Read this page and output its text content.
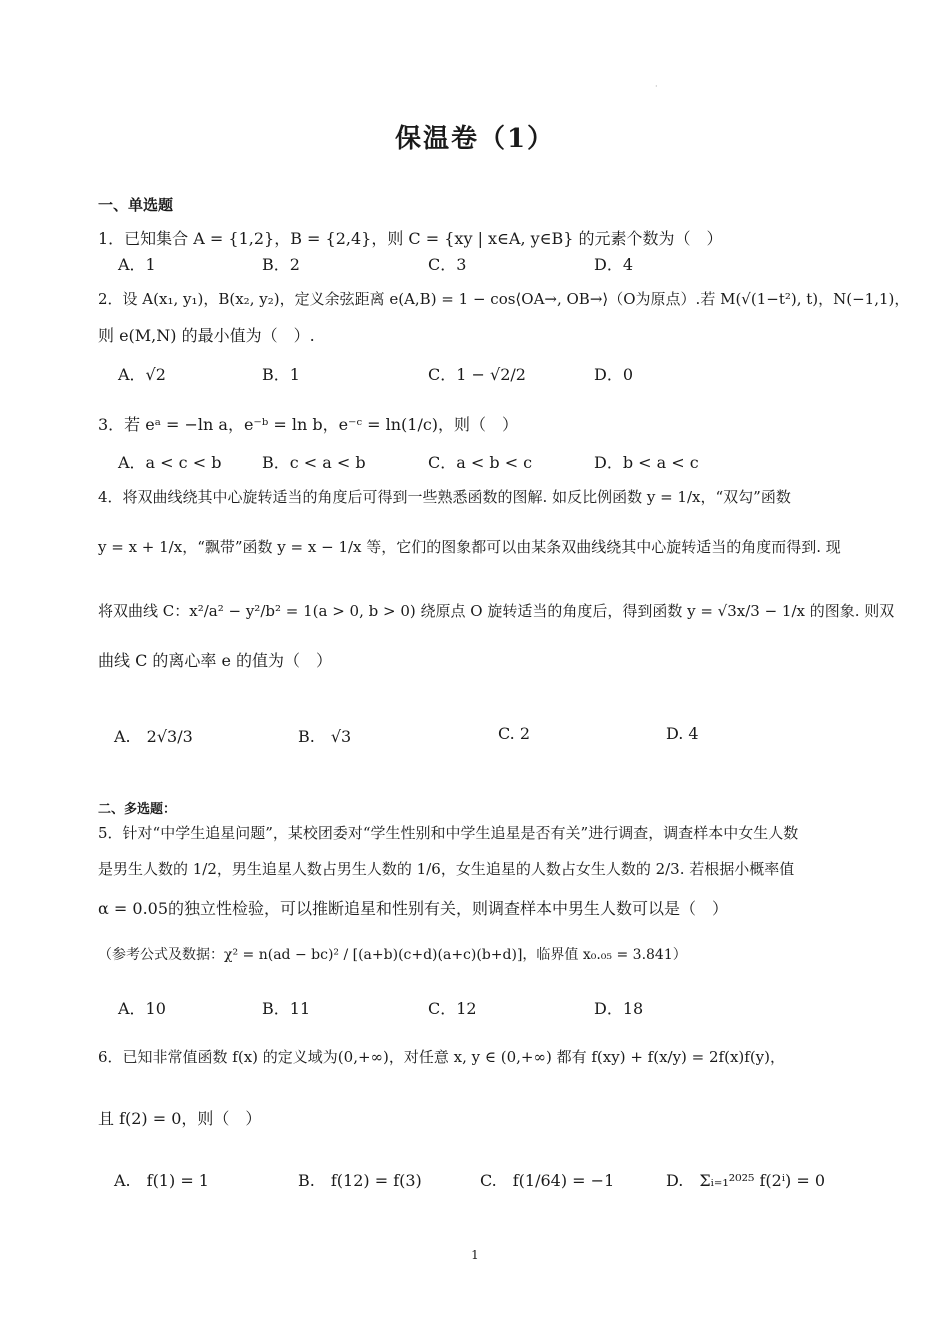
·
保温卷（1）
一、单选题
1．已知集合 A = {1,2}，B = {2,4}，则 C = {xy | x∈A, y∈B} 的元素个数为（　）
A．1	B．2	C．3	D．4
2．设 A(x₁, y₁)，B(x₂, y₂)，定义余弦距离 e(A,B) = 1 − cos⟨OA→, OB→⟩（O为原点）.若 M(√(1−t²), t)，N(−1,1)，
则 e(M,N) 的最小值为（　）.
A．√2	B．1	C．1 − √2/2	D．0
3．若 eᵃ = −ln a，e⁻ᵇ = ln b，e⁻ᶜ = ln(1/c)，则（　）
A．a < c < b	B．c < a < b	C．a < b < c	D．b < a < c
4．将双曲线绕其中心旋转适当的角度后可得到一些熟悉函数的图解. 如反比例函数 y = 1/x，“双勾”函数
y = x + 1/x，“飘带”函数 y = x − 1/x 等，它们的图象都可以由某条双曲线绕其中心旋转适当的角度而得到. 现
将双曲线 C：x²/a² − y²/b² = 1(a > 0, b > 0) 绕原点 O 旋转适当的角度后，得到函数 y = √3x/3 − 1/x 的图象. 则双
曲线 C 的离心率 e 的值为（　）
A.　2√3/3	B.　√3	C. 2	D. 4
二、多选题：
5．针对“中学生追星问题”，某校团委对“学生性别和中学生追星是否有关”进行调查，调查样本中女生人数
是男生人数的 1/2，男生追星人数占男生人数的 1/6，女生追星的人数占女生人数的 2/3. 若根据小概率值
α = 0.05的独立性检验，可以推断追星和性别有关，则调查样本中男生人数可以是（　）
（参考公式及数据：χ² = n(ad − bc)² / [(a+b)(c+d)(a+c)(b+d)]，临界值 x₀.₀₅ = 3.841）
A．10	B．11	C．12	D．18
6．已知非常值函数 f(x) 的定义域为(0,+∞)，对任意 x, y ∈ (0,+∞) 都有 f(xy) + f(x/y) = 2f(x)f(y)，
且 f(2) = 0，则（　）
A.　f(1) = 1	B.　f(12) = f(3)	C.　f(1/64) = −1	D.　Σᵢ₌₁²⁰²⁵ f(2ⁱ) = 0
1
